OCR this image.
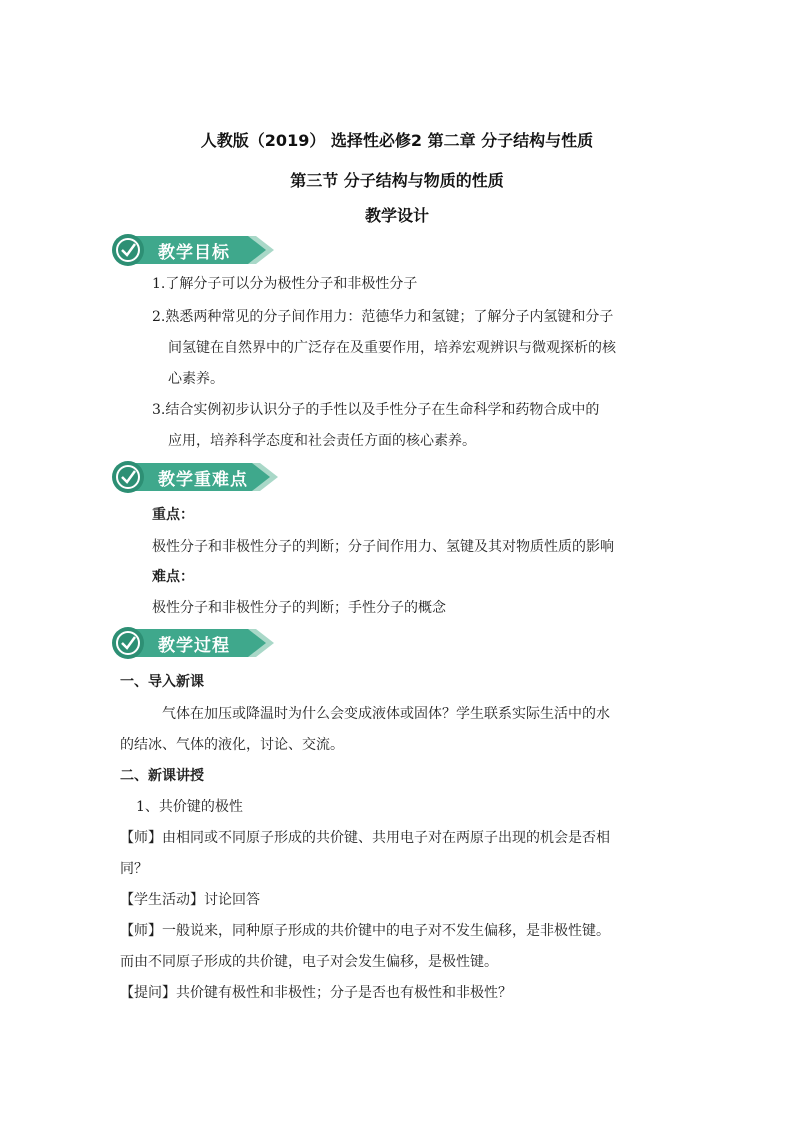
人教版（2019） 选择性必修2 第二章 分子结构与性质
第三节 分子结构与物质的性质
教学设计
教学目标
1.了解分子可以分为极性分子和非极性分子
2.熟悉两种常见的分子间作用力：范德华力和氢键；了解分子内氢键和分子
间氢键在自然界中的广泛存在及重要作用，培养宏观辨识与微观探析的核
心素养。
3.结合实例初步认识分子的手性以及手性分子在生命科学和药物合成中的
应用，培养科学态度和社会责任方面的核心素养。
教学重难点
重点：
极性分子和非极性分子的判断；分子间作用力、氢键及其对物质性质的影响
难点：
极性分子和非极性分子的判断；手性分子的概念
教学过程
一、导入新课
气体在加压或降温时为什么会变成液体或固体？学生联系实际生活中的水
的结冰、气体的液化，讨论、交流。
二、新课讲授
1、共价键的极性
【师】由相同或不同原子形成的共价键、共用电子对在两原子出现的机会是否相
同？
【学生活动】讨论回答
【师】一般说来，同种原子形成的共价键中的电子对不发生偏移，是非极性键。
而由不同原子形成的共价键，电子对会发生偏移，是极性键。
【提问】共价键有极性和非极性；分子是否也有极性和非极性？
